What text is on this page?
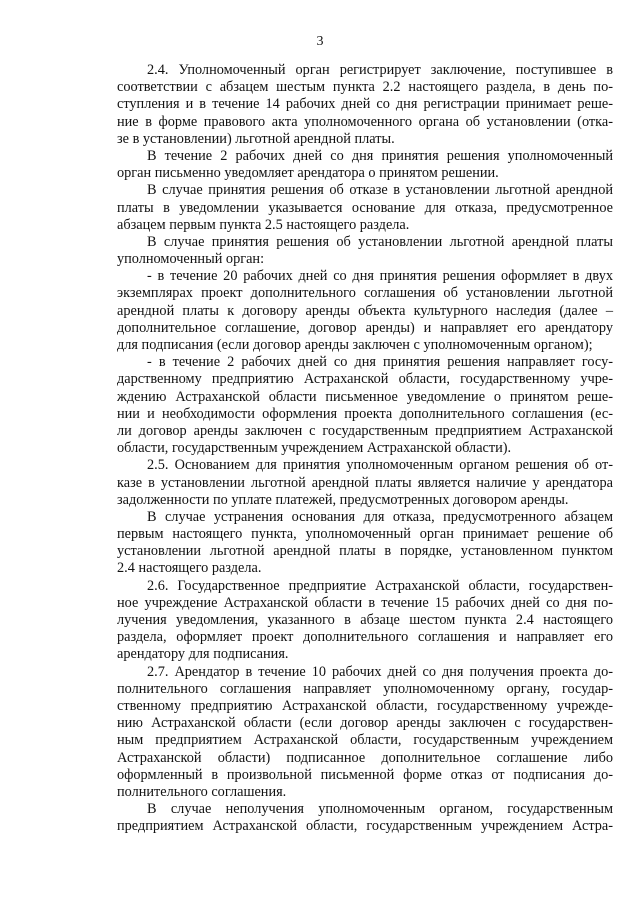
3
2.4. Уполномоченный орган регистрирует заключение, поступившее в
соответствии с абзацем шестым пункта 2.2 настоящего раздела, в день по-
ступления и в течение 14 рабочих дней со дня регистрации принимает реше-
ние в форме правового акта уполномоченного органа об установлении (отка-
зе в установлении) льготной арендной платы.
В течение 2 рабочих дней со дня принятия решения уполномоченный
орган письменно уведомляет арендатора о принятом решении.
В случае принятия решения об отказе в установлении льготной арендной
платы в уведомлении указывается основание для отказа, предусмотренное
абзацем первым пункта 2.5 настоящего раздела.
В случае принятия решения об установлении льготной арендной платы
уполномоченный орган:
- в течение 20 рабочих дней со дня принятия решения оформляет в двух
экземплярах проект дополнительного соглашения об установлении льготной
арендной платы к договору аренды объекта культурного наследия (далее –
дополнительное соглашение, договор аренды) и направляет его арендатору
для подписания (если договор аренды заключен с уполномоченным органом);
- в течение 2 рабочих дней со дня принятия решения направляет госу-
дарственному предприятию Астраханской области, государственному учре-
ждению Астраханской области письменное уведомление о принятом реше-
нии и необходимости оформления проекта дополнительного соглашения (ес-
ли договор аренды заключен с государственным предприятием Астраханской
области, государственным учреждением Астраханской области).
2.5. Основанием для принятия уполномоченным органом решения об от-
казе в установлении льготной арендной платы является наличие у арендатора
задолженности по уплате платежей, предусмотренных договором аренды.
В случае устранения основания для отказа, предусмотренного абзацем
первым настоящего пункта, уполномоченный орган принимает решение об
установлении льготной арендной платы в порядке, установленном пунктом
2.4 настоящего раздела.
2.6. Государственное предприятие Астраханской области, государствен-
ное учреждение Астраханской области в течение 15 рабочих дней со дня по-
лучения уведомления, указанного в абзаце шестом пункта 2.4 настоящего
раздела, оформляет проект дополнительного соглашения и направляет его
арендатору для подписания.
2.7. Арендатор в течение 10 рабочих дней со дня получения проекта до-
полнительного соглашения направляет уполномоченному органу, государ-
ственному предприятию Астраханской области, государственному учрежде-
нию Астраханской области (если договор аренды заключен с государствен-
ным предприятием Астраханской области, государственным учреждением
Астраханской области) подписанное дополнительное соглашение либо
оформленный в произвольной письменной форме отказ от подписания до-
полнительного соглашения.
В случае неполучения уполномоченным органом, государственным
предприятием Астраханской области, государственным учреждением Астра-
